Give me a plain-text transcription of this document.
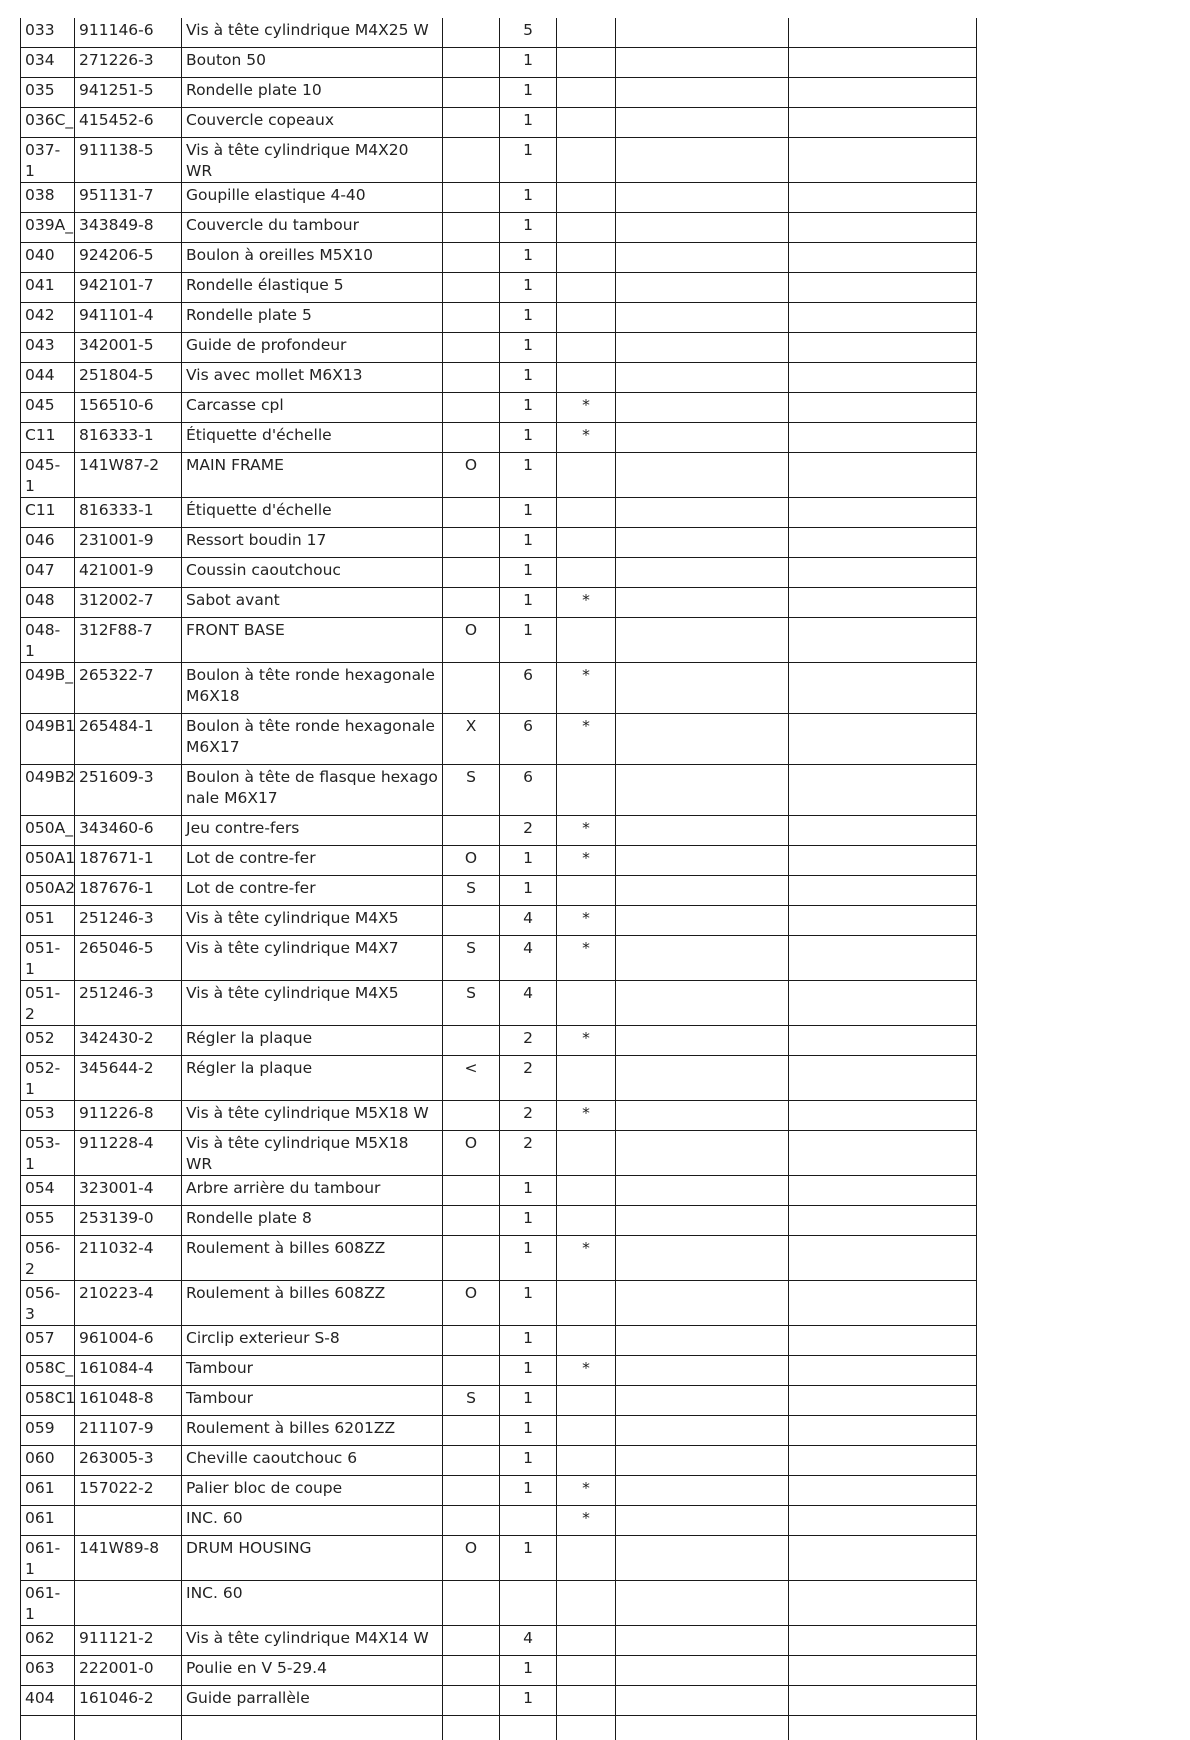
033	911146-6	Vis à tête cylindrique M4X25 W		5			
034	271226-3	Bouton 50		1			
035	941251-5	Rondelle plate 10		1			
036C_	415452-6	Couvercle copeaux		1			
037-1	911138-5	Vis à tête cylindrique M4X20 WR		1			
038	951131-7	Goupille elastique 4-40		1			
039A_	343849-8	Couvercle du tambour		1			
040	924206-5	Boulon à oreilles M5X10		1			
041	942101-7	Rondelle élastique 5		1			
042	941101-4	Rondelle plate 5		1			
043	342001-5	Guide de profondeur		1			
044	251804-5	Vis avec mollet M6X13		1			
045	156510-6	Carcasse cpl		1	*		
C11	816333-1	Étiquette d'échelle		1	*		
045-1	141W87-2	MAIN FRAME	O	1			
C11	816333-1	Étiquette d'échelle		1			
046	231001-9	Ressort boudin 17		1			
047	421001-9	Coussin caoutchouc		1			
048	312002-7	Sabot avant		1	*		
048-1	312F88-7	FRONT BASE	O	1			
049B_	265322-7	Boulon à tête ronde hexagonale M6X18		6	*		
049B1	265484-1	Boulon à tête ronde hexagonale M6X17	X	6	*		
049B2	251609-3	Boulon à tête de flasque hexago nale M6X17	S	6			
050A_	343460-6	Jeu contre-fers		2	*		
050A1	187671-1	Lot de contre-fer	O	1	*		
050A2	187676-1	Lot de contre-fer	S	1			
051	251246-3	Vis à tête cylindrique M4X5		4	*		
051-1	265046-5	Vis à tête cylindrique M4X7	S	4	*		
051-2	251246-3	Vis à tête cylindrique M4X5	S	4			
052	342430-2	Régler la plaque		2	*		
052-1	345644-2	Régler la plaque	<	2			
053	911226-8	Vis à tête cylindrique M5X18 W		2	*		
053-1	911228-4	Vis à tête cylindrique M5X18 WR	O	2			
054	323001-4	Arbre arrière du tambour		1			
055	253139-0	Rondelle plate 8		1			
056-2	211032-4	Roulement à billes 608ZZ		1	*		
056-3	210223-4	Roulement à billes 608ZZ	O	1			
057	961004-6	Circlip exterieur S-8		1			
058C_	161084-4	Tambour		1	*		
058C1	161048-8	Tambour	S	1			
059	211107-9	Roulement à billes 6201ZZ		1			
060	263005-3	Cheville caoutchouc 6		1			
061	157022-2	Palier bloc de coupe		1	*		
061		INC. 60			*		
061-1	141W89-8	DRUM HOUSING	O	1			
061-1		INC. 60					
062	911121-2	Vis à tête cylindrique M4X14 W		4			
063	222001-0	Poulie en V 5-29.4		1			
404	161046-2	Guide parrallèle		1			
